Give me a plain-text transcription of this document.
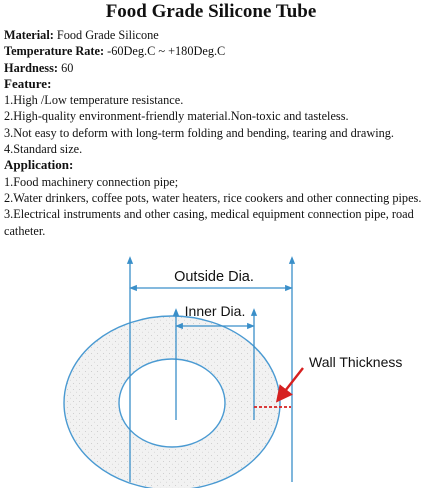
Food Grade Silicone Tube
Material: Food Grade Silicone
Temperature Rate: -60Deg.C ~ +180Deg.C
Hardness: 60
Feature:
1.High /Low temperature resistance.
2.High-quality environment-friendly material.Non-toxic and tasteless.
3.Not easy to deform with long-term folding and bending, tearing and drawing.
4.Standard size.
Application:
1.Food machinery connection pipe;
2.Water drinkers, coffee pots, water heaters, rice cookers and other connecting pipes.
3.Electrical instruments and other casing, medical equipment connection pipe, road catheter.
Outside Dia.
Inner Dia.
Wall Thickness
